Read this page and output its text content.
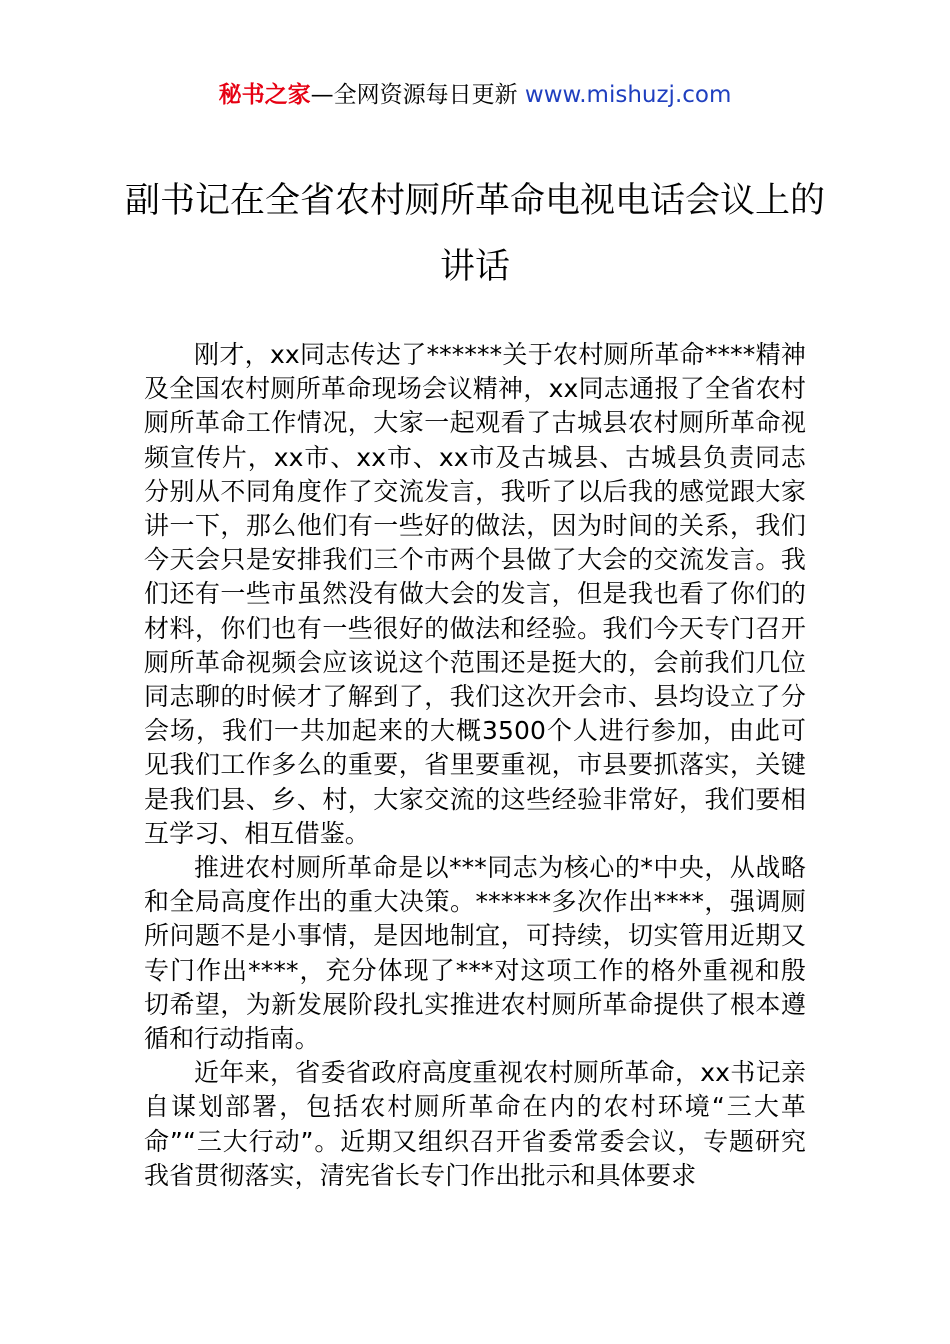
秘书之家—全网资源每日更新 www.mishuzj.com
副书记在全省农村厕所革命电视电话会议上的讲话

刚才，xx同志传达了******关于农村厕所革命****精神及全国农村厕所革命现场会议精神，xx同志通报了全省农村厕所革命工作情况，大家一起观看了古城县农村厕所革命视频宣传片，xx市、xx市、xx市及古城县、古城县负责同志分别从不同角度作了交流发言，我听了以后我的感觉跟大家讲一下，那么他们有一些好的做法，因为时间的关系，我们今天会只是安排我们三个市两个县做了大会的交流发言。我们还有一些市虽然没有做大会的发言，但是我也看了你们的材料，你们也有一些很好的做法和经验。我们今天专门召开厕所革命视频会应该说这个范围还是挺大的，会前我们几位同志聊的时候才了解到了，我们这次开会市、县均设立了分会场，我们一共加起来的大概3500个人进行参加，由此可见我们工作多么的重要，省里要重视，市县要抓落实，关键是我们县、乡、村，大家交流的这些经验非常好，我们要相互学习、相互借鉴。

推进农村厕所革命是以***同志为核心的*中央，从战略和全局高度作出的重大决策。******多次作出****，强调厕所问题不是小事情，是因地制宜，可持续，切实管用近期又专门作出****，充分体现了***对这项工作的格外重视和殷切希望，为新发展阶段扎实推进农村厕所革命提供了根本遵循和行动指南。

近年来，省委省政府高度重视农村厕所革命，xx书记亲自谋划部署，包括农村厕所革命在内的农村环境“三大革命”“三大行动”。近期又组织召开省委常委会议，专题研究我省贯彻落实，清宪省长专门作出批示和具体要求
